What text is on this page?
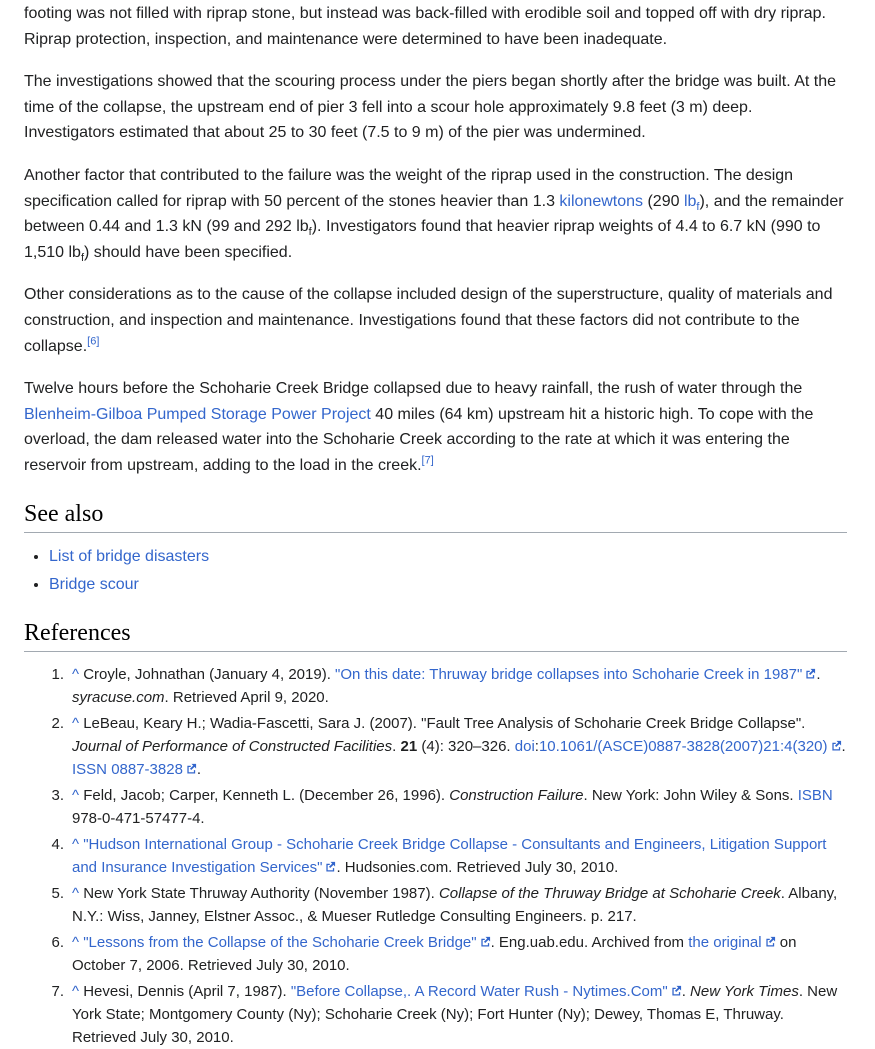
footing was not filled with riprap stone, but instead was back-filled with erodible soil and topped off with dry riprap. Riprap protection, inspection, and maintenance were determined to have been inadequate.

The investigations showed that the scouring process under the piers began shortly after the bridge was built. At the time of the collapse, the upstream end of pier 3 fell into a scour hole approximately 9.8 feet (3 m) deep. Investigators estimated that about 25 to 30 feet (7.5 to 9 m) of the pier was undermined.

Another factor that contributed to the failure was the weight of the riprap used in the construction. The design specification called for riprap with 50 percent of the stones heavier than 1.3 kilonewtons (290 $lb_f$), and the remainder between 0.44 and 1.3 kN (99 and 292 $lb_f$). Investigators found that heavier riprap weights of 4.4 to 6.7 kN (990 to 1,510 $lb_f$) should have been specified.

Other considerations as to the cause of the collapse included design of the superstructure, quality of materials and construction, and inspection and maintenance. Investigations found that these factors did not contribute to the collapse.[6]

Twelve hours before the Schoharie Creek Bridge collapsed due to heavy rainfall, the rush of water through the Blenheim-Gilboa Pumped Storage Power Project 40 miles (64 km) upstream hit a historic high. To cope with the overload, the dam released water into the Schoharie Creek according to the rate at which it was entering the reservoir from upstream, adding to the load in the creek.[7]

See also
• List of bridge disasters
• Bridge scour
References
1. ^ Croyle, Johnathan (January 4, 2019). "On this date: Thruway bridge collapses into Schoharie Creek in 1987" . syracuse.com. Retrieved April 9, 2020.
2. ^ LeBeau, Keary H.; Wadia-Fascetti, Sara J. (2007). "Fault Tree Analysis of Schoharie Creek Bridge Collapse". Journal of Performance of Constructed Facilities. 21 (4): 320–326. doi:10.1061/(ASCE)0887-3828(2007)21:4(320) . ISSN 0887-3828 .
3. ^ Feld, Jacob; Carper, Kenneth L. (December 26, 1996). Construction Failure. New York: John Wiley & Sons. ISBN 978-0-471-57477-4.
4. ^ "Hudson International Group - Schoharie Creek Bridge Collapse - Consultants and Engineers, Litigation Support and Insurance Investigation Services" . Hudsonies.com. Retrieved July 30, 2010.
5. ^ New York State Thruway Authority (November 1987). Collapse of the Thruway Bridge at Schoharie Creek. Albany, N.Y.: Wiss, Janney, Elstner Assoc., & Mueser Rutledge Consulting Engineers. p. 217.
6. ^ "Lessons from the Collapse of the Schoharie Creek Bridge" . Eng.uab.edu. Archived from the original on October 7, 2006. Retrieved July 30, 2010.
7. ^ Hevesi, Dennis (April 7, 1987). "Before Collapse,. A Record Water Rush - Nytimes.Com" . New York Times. New York State; Montgomery County (Ny); Schoharie Creek (Ny); Fort Hunter (Ny); Dewey, Thomas E, Thruway. Retrieved July 30, 2010.
